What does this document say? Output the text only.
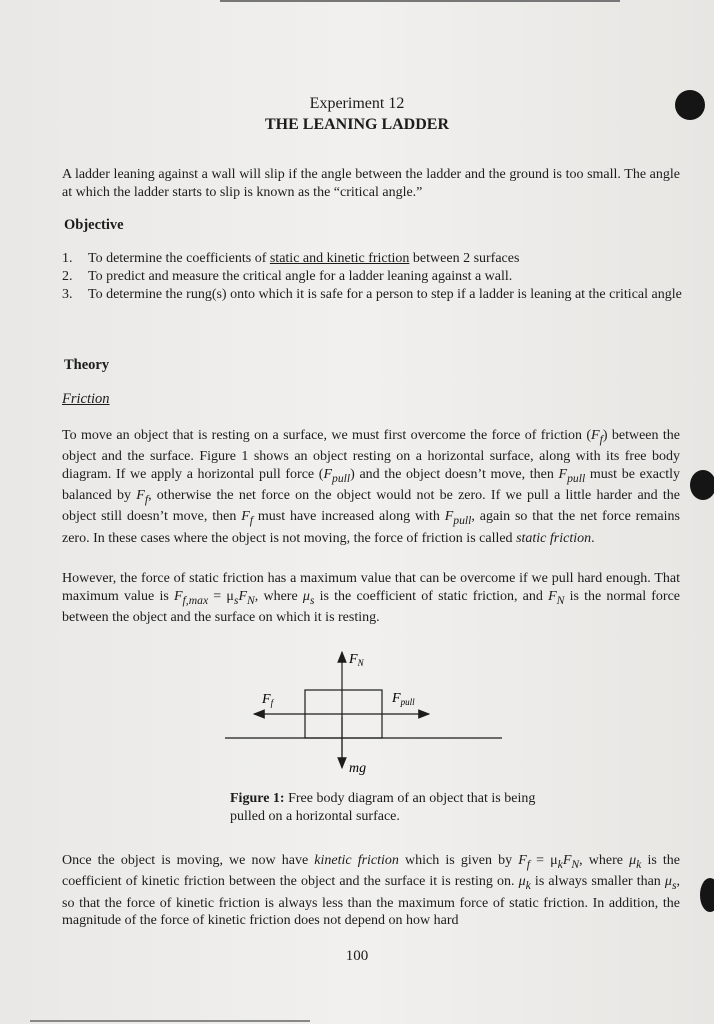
Experiment 12
THE LEANING LADDER

A ladder leaning against a wall will slip if the angle between the ladder and the ground is too small. The angle at which the ladder starts to slip is known as the “critical angle.”

Objective
1. To determine the coefficients of static and kinetic friction between 2 surfaces
2. To predict and measure the critical angle for a ladder leaning against a wall.
3. To determine the rung(s) onto which it is safe for a person to step if a ladder is leaning at the critical angle
Theory

Friction

To move an object that is resting on a surface, we must first overcome the force of friction $(F_f)$ between the object and the surface. Figure 1 shows an object resting on a horizontal surface, along with its free body diagram. If we apply a horizontal pull force $(F_{pull})$ and the object doesn’t move, then $F_{pull}$ must be exactly balanced by $F_f$, otherwise the net force on the object would not be zero. If we pull a little harder and the object still doesn’t move, then $F_f$ must have increased along with $F_{pull}$, again so that the net force remains zero. In these cases where the object is not moving, the force of friction is called static friction.

However, the force of static friction has a maximum value that can be overcome if we pull hard enough. That maximum value is $F_{f,max} = \mu_sF_N$, where $\mu_s$ is the coefficient of static friction, and $F_N$ is the normal force between the object and the surface on which it is resting.

$F_N$
$F_f$	$F_{pull}$
mg
Figure 1: Free body diagram of an object that is being pulled on a horizontal surface.

Once the object is moving, we now have kinetic friction which is given by $F_f = \mu_kF_N$, where $\mu_k$ is the coefficient of kinetic friction between the object and the surface it is resting on. $\mu_k$ is always smaller than $\mu_s$, so that the force of kinetic friction is always less than the maximum force of static friction. In addition, the magnitude of the force of kinetic friction does not depend on how hard

100
